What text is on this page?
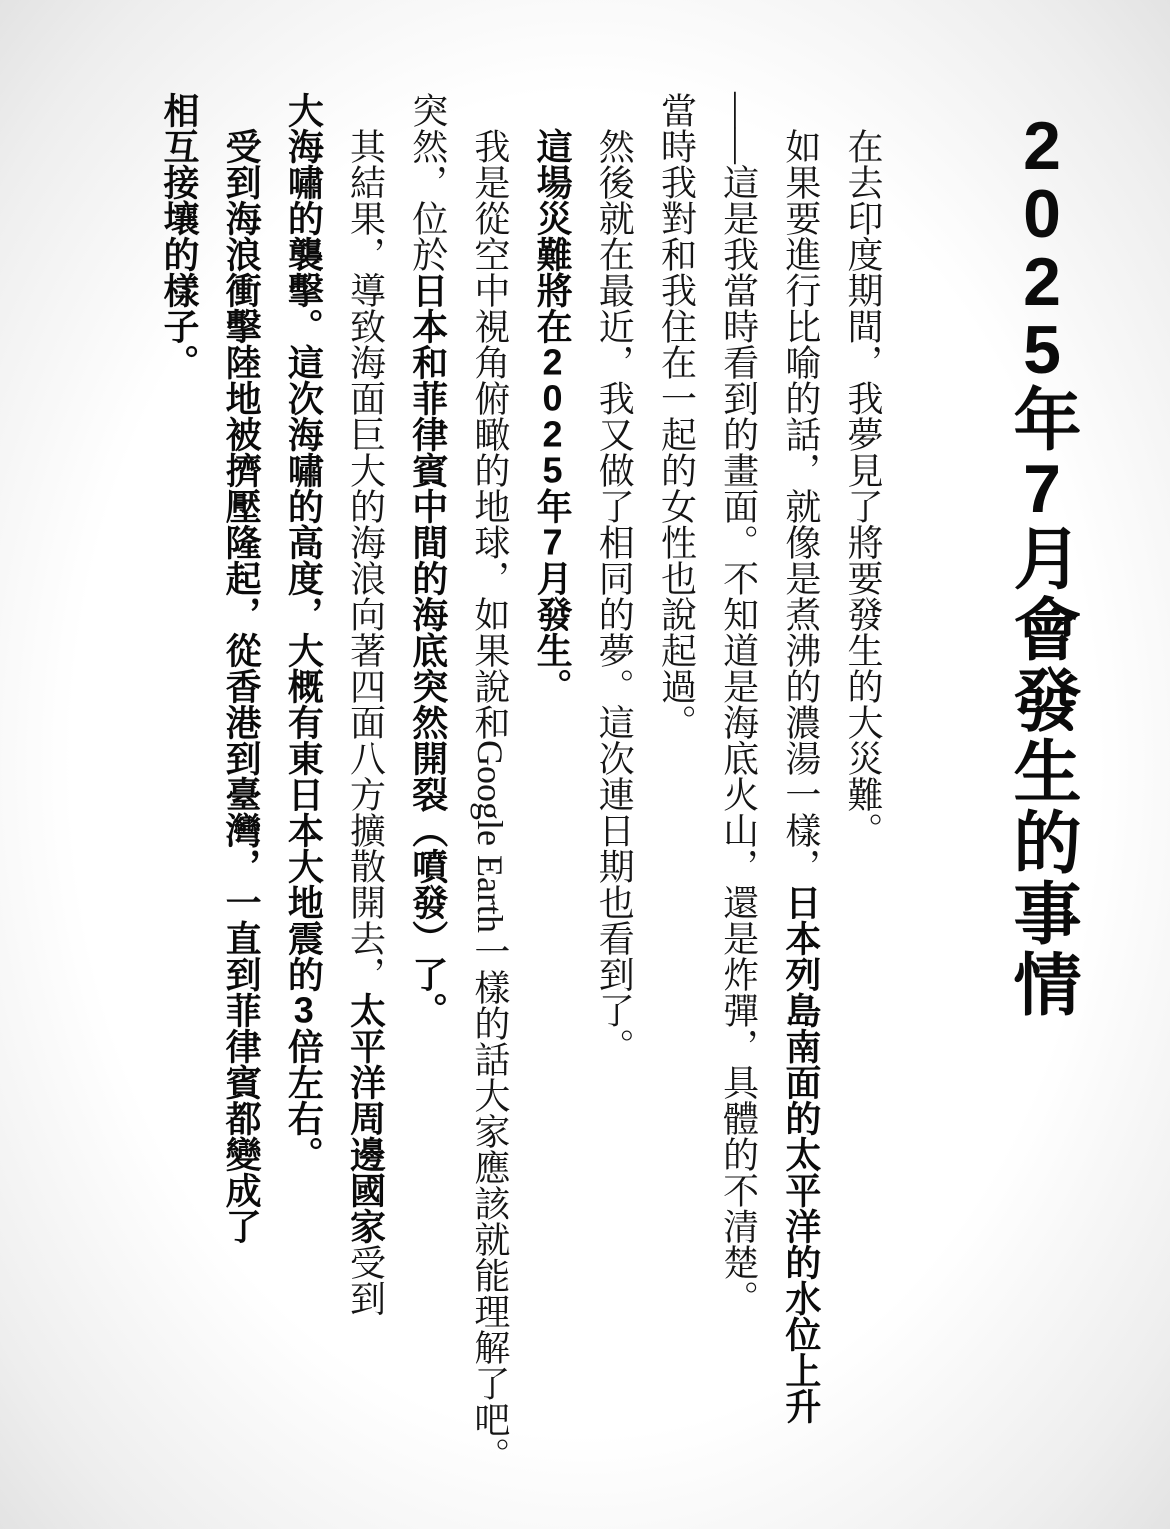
2025年7月會發生的事情
在去印度期間，我夢見了將要發生的大災難。
如果要進行比喻的話，就像是煮沸的濃湯一樣，日本列島南面的太平洋的水位上升
——這是我當時看到的畫面。不知道是海底火山，還是炸彈，具體的不清楚。
當時我對和我住在一起的女性也說起過。
然後就在最近，我又做了相同的夢。這次連日期也看到了。
這場災難將在2025年7月發生。
我是從空中視角俯瞰的地球，如果說和Google Earth一樣的話大家應該就能理解了吧。
突然，位於日本和菲律賓中間的海底突然開裂（噴發）了。
其結果，導致海面巨大的海浪向著四面八方擴散開去，太平洋周邊國家受到
大海嘯的襲擊。這次海嘯的高度，大概有東日本大地震的3倍左右。
受到海浪衝擊陸地被擠壓隆起，從香港到臺灣，一直到菲律賓都變成了
相互接壤的樣子。
